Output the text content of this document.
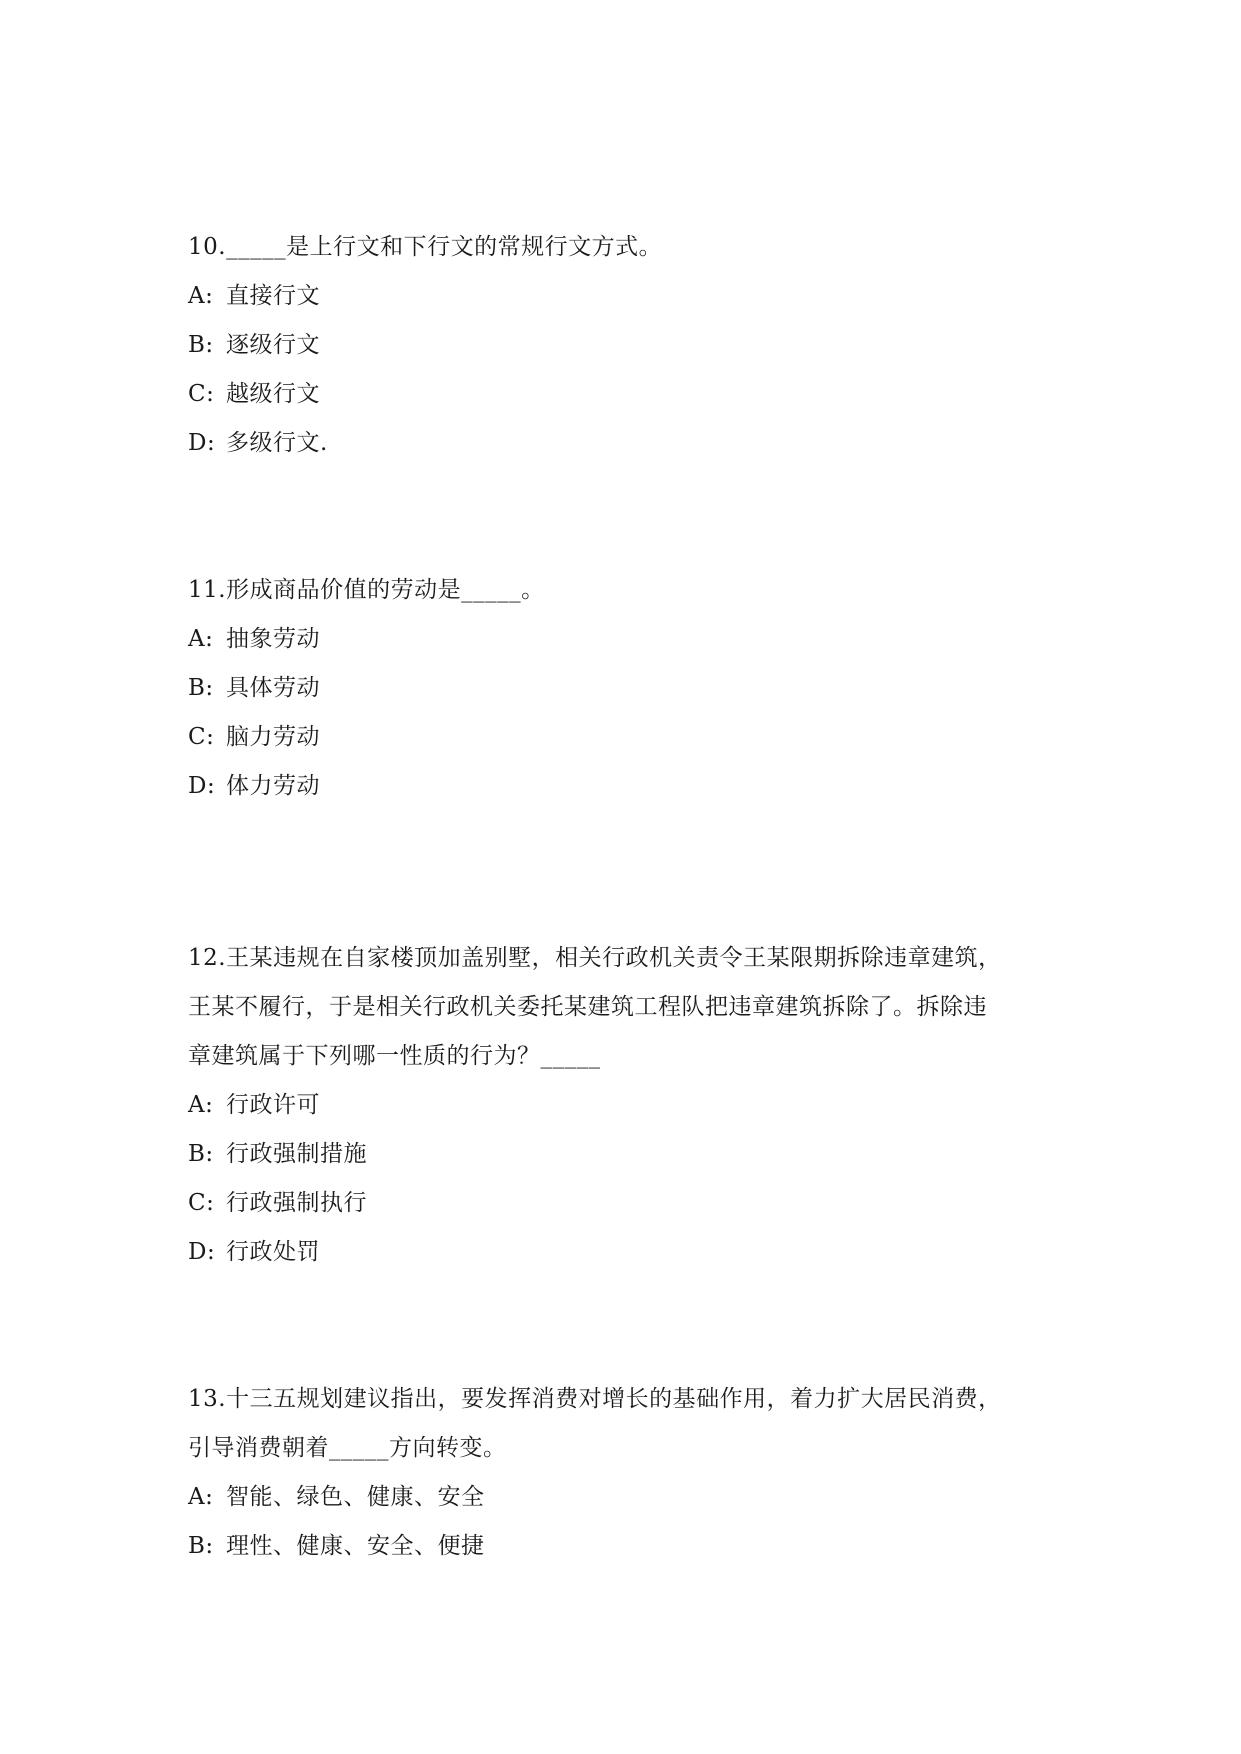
10._____是上行文和下行文的常规行文方式。
A: 直接行文
B: 逐级行文
C: 越级行文
D: 多级行文.
11.形成商品价值的劳动是_____。
A: 抽象劳动
B: 具体劳动
C: 脑力劳动
D: 体力劳动
12.王某违规在自家楼顶加盖别墅，相关行政机关责令王某限期拆除违章建筑，
王某不履行，于是相关行政机关委托某建筑工程队把违章建筑拆除了。拆除违
章建筑属于下列哪一性质的行为？_____
A: 行政许可
B: 行政强制措施
C: 行政强制执行
D: 行政处罚
13.十三五规划建议指出，要发挥消费对增长的基础作用，着力扩大居民消费，
引导消费朝着_____方向转变。
A: 智能、绿色、健康、安全
B: 理性、健康、安全、便捷
